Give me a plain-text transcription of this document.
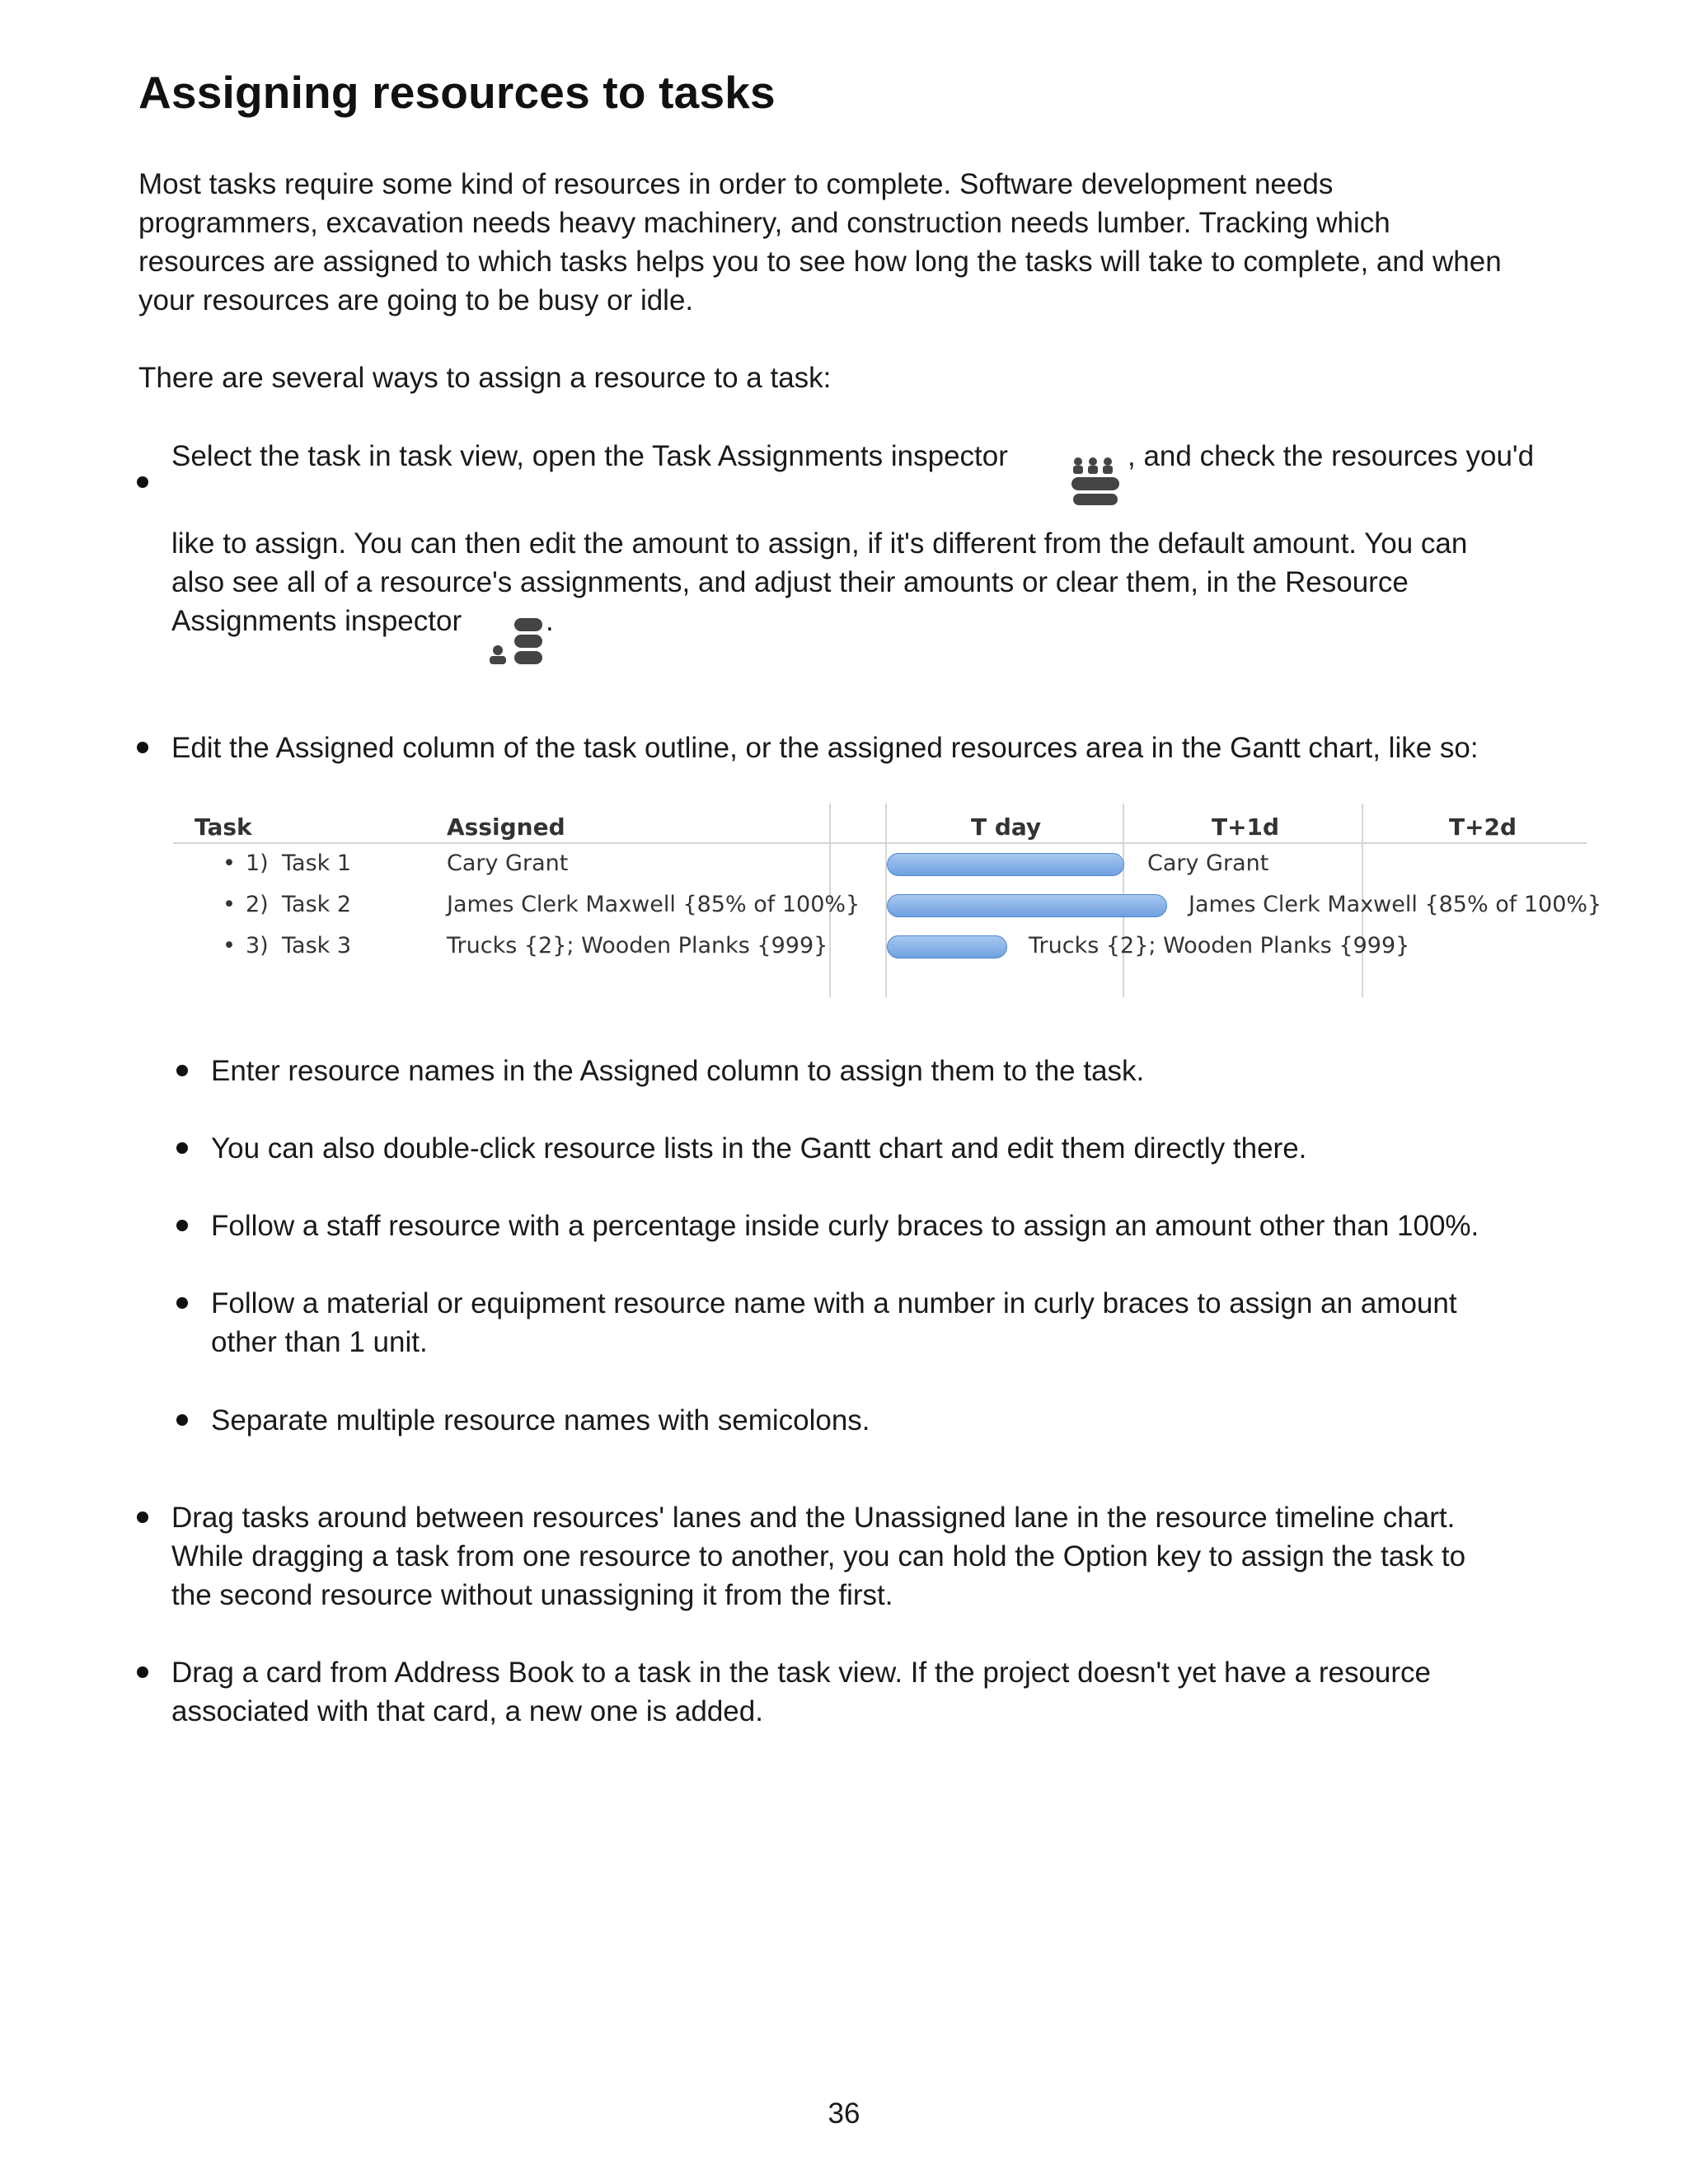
Assigning resources to tasks
Most tasks require some kind of resources in order to complete. Software development needs
programmers, excavation needs heavy machinery, and construction needs lumber. Tracking which
resources are assigned to which tasks helps you to see how long the tasks will take to complete, and when
your resources are going to be busy or idle.
There are several ways to assign a resource to a task:
Select the task in task view, open the Task Assignments inspector	, and check the resources you'd
like to assign. You can then edit the amount to assign, if it's different from the default amount. You can
also see all of a resource's assignments, and adjust their amounts or clear them, in the Resource
Assignments inspector	.
Edit the Assigned column of the task outline, or the assigned resources area in the Gantt chart, like so:
Task	Assigned	T day	T+1d	T+2d
• 1) Task 1	Cary Grant	Cary Grant
• 2) Task 2	James Clerk Maxwell {85% of 100%}	James Clerk Maxwell {85% of 100%}
• 3) Task 3	Trucks {2}; Wooden Planks {999}	Trucks {2}; Wooden Planks {999}
Enter resource names in the Assigned column to assign them to the task.
You can also double-click resource lists in the Gantt chart and edit them directly there.
Follow a staff resource with a percentage inside curly braces to assign an amount other than 100%.
Follow a material or equipment resource name with a number in curly braces to assign an amount
other than 1 unit.
Separate multiple resource names with semicolons.
Drag tasks around between resources' lanes and the Unassigned lane in the resource timeline chart.
While dragging a task from one resource to another, you can hold the Option key to assign the task to
the second resource without unassigning it from the first.
Drag a card from Address Book to a task in the task view. If the project doesn't yet have a resource
associated with that card, a new one is added.
36
